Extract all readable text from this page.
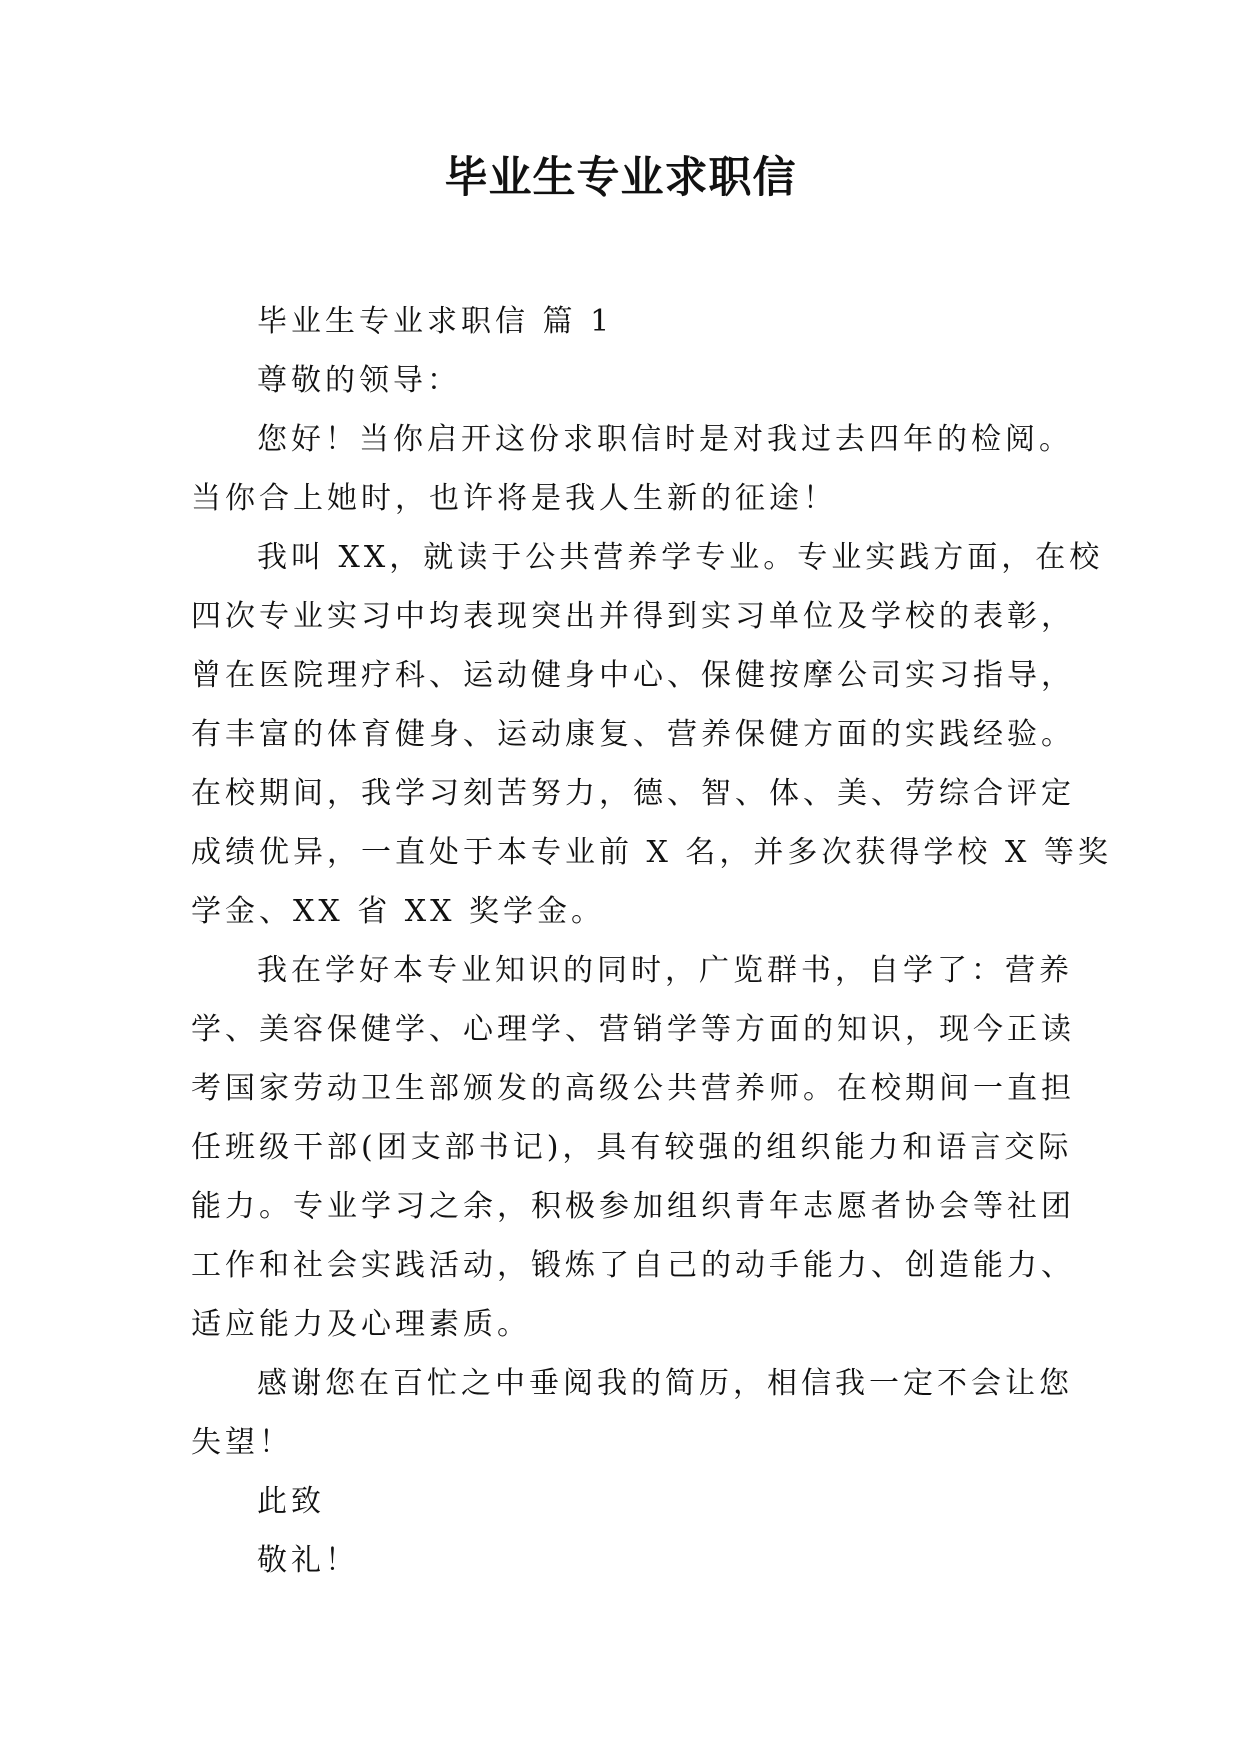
毕业生专业求职信
毕业生专业求职信 篇 1
尊敬的领导：
您好！当你启开这份求职信时是对我过去四年的检阅。
当你合上她时，也许将是我人生新的征途！
我叫 XX，就读于公共营养学专业。专业实践方面，在校
四次专业实习中均表现突出并得到实习单位及学校的表彰，
曾在医院理疗科、运动健身中心、保健按摩公司实习指导，
有丰富的体育健身、运动康复、营养保健方面的实践经验。
在校期间，我学习刻苦努力，德、智、体、美、劳综合评定
成绩优异，一直处于本专业前 X 名，并多次获得学校 X 等奖
学金、XX 省 XX 奖学金。
我在学好本专业知识的同时，广览群书，自学了：营养
学、美容保健学、心理学、营销学等方面的知识，现今正读
考国家劳动卫生部颁发的高级公共营养师。在校期间一直担
任班级干部(团支部书记)，具有较强的组织能力和语言交际
能力。专业学习之余，积极参加组织青年志愿者协会等社团
工作和社会实践活动，锻炼了自己的动手能力、创造能力、
适应能力及心理素质。
感谢您在百忙之中垂阅我的简历，相信我一定不会让您
失望！
此致
敬礼！
